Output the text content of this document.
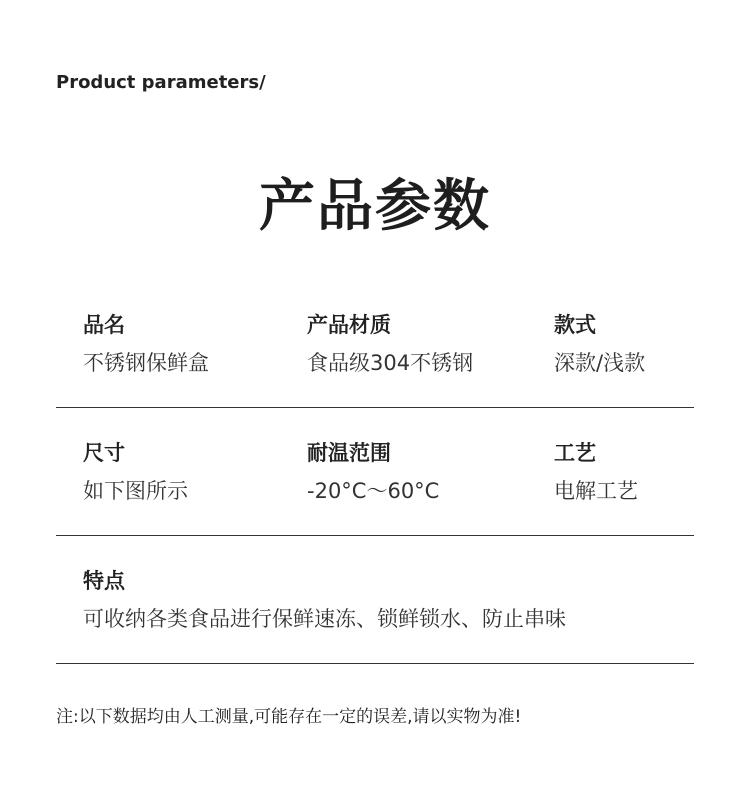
Product parameters/
产品参数
品名
不锈钢保鲜盒
产品材质
食品级304不锈钢
款式
深款/浅款
尺寸
如下图所示
耐温范围
-20°C～60°C
工艺
电解工艺
特点
可收纳各类食品进行保鲜速冻、锁鲜锁水、防止串味
注:以下数据均由人工测量,可能存在一定的误差,请以实物为准!
